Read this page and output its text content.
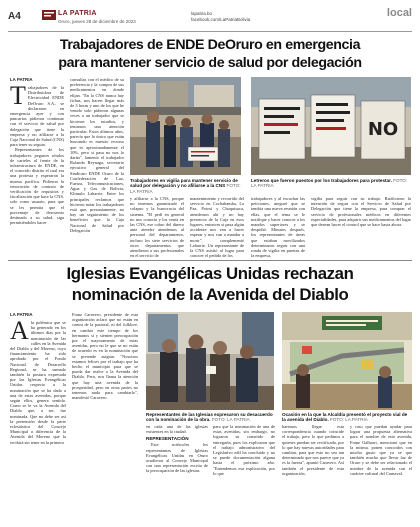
A4	LA PATRIA
Oruro, jueves 28 de diciembre de 2023
lapatria.bo
facebook.com/LaPatriaBolivia
local
Trabajadores de ENDE DeOruro en emergencia
para mantener servicio de salud por delegación
LA PATRIA
T rabajadores de la Distribuidora de Electricidad ENDE DeOruro S.A., se declararon en emergencia ayer y con pancartas pidieron continuar con el servicio de salud por delegación que tiene la empresa y no afiliarse a la Caja Nacional de Salud (CNS) para tener su seguro.

Representantes de los trabajadores pegaron rótulos de carteles al frente de la infraestructura de ENDE, en el conocido distrito el cual era una protesta y esperaron la misma pacífica. Pidieron la renovación de contrato de verificación de requisitos y fiscalización que hace la CNS, solo como usuario, para que se les permita que el porcentaje de descuento destinado a su salud, siga permitiéndoles hacer

consultas con el médico de su preferencia y la compra de sus medicamentos en donde elijan. "En la CNS nunca hay fichas, nos hacen llegar más de 3 horas y uno de los que he venido solo pidieron algunas veces a un trabajador que se hicieron los estudios, y teníamos una atención particular. Estos últimos años, parecía que lo único que están buscando es nuestro recurso que es aproximadamente el 10%, pero si pasa no nos lo darán", lamentó el trabajador Rolando Reynaga, secretario ejecutivo general del Sindicato ENDE Oruro de la Confederación de Luz, Fuerza, Telecomunicaciones, Agua y Gas de Bolivia, Klimulo Laharrie. Entre los principales reclamos que hicieron notar los trabajadores está que, presuntamente, no hay un seguimiento de los beneficios que la Caja Nacional de Salud por Delegación

Trabajadores en vigilia para mantener servicio de salud por delegación y no afiliarse a la CNS FOTO: LA PATRIA
NO
Letreros que fueron puestos por los trabajadores para protestar. FOTO: LA PATRIA

y afiliarse a la CNS, porque no tenemos garantizado el colapso y la burocracia del sistema. "El pedí en general no nos conocía y los venía en las CNS, ese cobro del dinero ante atender atendemos al personal del departamento, incluso los siete servicios de otros departamentos que atendieron a sus profesionales en el servicio de

mantenimiento y recorrido del servicio en Cochabamba, La Paz, Potosí y Chuquisaca, atendemos ahí y no hay presencia de la Caja en esos lugares, entonces si pasa algún accidente nos van a hacer esperar y nos van a mandar a morir", complementó Laharrie. Un representante de la CNS asistió al lugar para conocer el pedido de los

trabajadores y al escuchar las peticiones, aseguró que se tendría una nueva reunión con ellas, que el tema se le notifique y hacer conocer a los mandos superiores y se despidió. Minutos después, los representantes de áreas que estaban movilizados determinaron seguir con una ronda de vigilia en puertas de la empresa,

vigilia para seguir con su trabajo. Ratificaron la intención de seguir con el Servicio de Salud por Delegación que tiene la empresa, para comprar el servicio de profesionales médicos en diferentes especialidades, para adquirir sus medicamentos del lugar que desean hacer el control que se hace hasta ahora.

Iglesias Evangélicas Unidas rechazan
nominación de la Avenida del Diablo
LA PATRIA
A la polémica que se ha generado en los últimos días por la nominación de las calles en la Avenida del Diablo y del Moreno, cuyo financiamiento ha sido aprobado por el Fondo Nacional de Desarrollo Regional, se ha sumado también la postura expresada por las Iglesias Evangélicas Unidas respecto a la nominación que se ha dado a una de estas avenidas, porque según ellos, genera sentido. Como se le va la Avenida del Diablo que, a ser, fue nominada. Que no debe ser así la pretensión desde la parte eclesiástica del Concejo Municipal a diferencia de la Avenida del Moreno que la recibirá sin tener en la primera

Franz Caravero, presidente de esta organización aclaró que no están en contra de la pastoral, ni del folklore, en cambio este tiempo de los hermanos sí y sienten preocupación por el mayoramento de estas avenidas, pero no le que se no están de acuerdo es en la nominación que se pretende asignar. "Nosotros estamos felices por el trabajo que ha hecho el municipio para que se pueda dar realce a la Avenida del Diablo. Pero, nos llama la atención que hay una avenida de la prosperidad, pero en otras partes no tenemos nada para cambiarlo", manifestó Caravero.

Representantes de las Iglesias expresaron su desacuerdo con la nominación de la obra. FOTO: LA PATRIA
Ocasión en la que la Alcaldía presentó el proyecto vial de la avenida del Diablo. FOTO: LA PATRIA

en cada una de las iglesias existentes en la ciudad.

REPRESENTACIÓN

Este miércoles los representantes de Iglesias Evangélicas Unidas en Oruro acudieron al Concejo Municipal con una representación escrita de la preocupación de las iglesias

para que la nominación de una de estas avenidas, sin embargo, no lograron su cometido de entregarla, pues los explicaron que el trabajo administrativo del Legislativo edil ha concluido y no se puede documentación alguna hasta el próximo año. "Entendemos esa explicación, por lo que

haremos llegar esta correspondencia cuando coincide el trabajo, pero lo que pedimos a quienes puedan ser rectificada, por lo que hay nuevas autoridades para cambiar, para que esto no sea tan determinado que nos parece que ya es la fuerza", apuntó Caravero. Así también el presidente de esta organización.

y caso que puedan ayudar para lograr una propuesta alternativa para el nombre de esta avenida, Franz Galbarri, mencionó que en la misma, ponen conocidos con mucho gusto que ya se que también mucho que llevar luz de Oruro y se debe ser relacionado el nombre de la avenida con el carácter cultural del Carnaval.
